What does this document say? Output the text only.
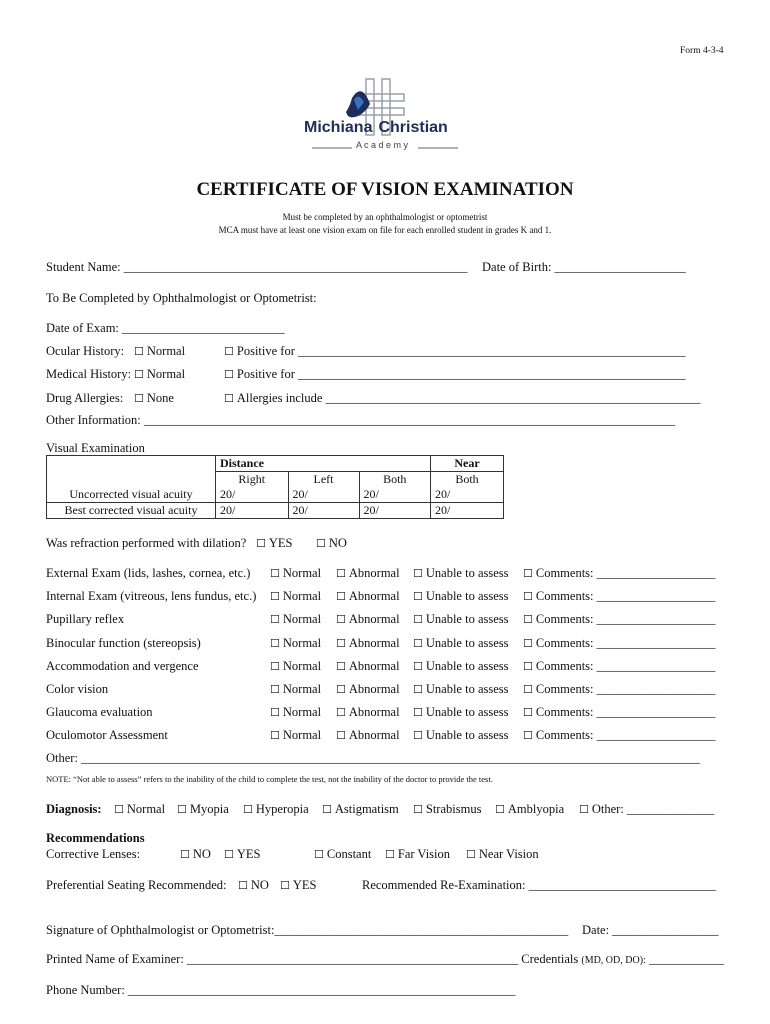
Form 4-3-4
Michiana Christian
A c a d e m y
CERTIFICATE OF VISION EXAMINATION
Must be completed by an ophthalmologist or optometrist
MCA must have at least one vision exam on file for each enrolled student in grades K and 1.
Student Name: _______________________________________________________ Date of Birth: _____________________
To Be Completed by Ophthalmologist or Optometrist:
Date of Exam: __________________________
Ocular History:	☐ Normal	☐ Positive for ______________________________________________________________
Medical History:	☐ Normal	☐ Positive for ______________________________________________________________
Drug Allergies:	☐ None	☐ Allergies include ____________________________________________________________
Other Information: _____________________________________________________________________________________
Visual Examination
	Distance			Near
	Right	Left	Both	Both
Uncorrected visual acuity	20/	20/	20/	20/
Best corrected visual acuity	20/	20/	20/	20/
Was refraction performed with dilation?	☐ YES	☐ NO
External Exam (lids, lashes, cornea, etc.)	☐ Normal	☐ Abnormal	☐ Unable to assess	☐ Comments: ___________________
Internal Exam (vitreous, lens fundus, etc.)	☐ Normal	☐ Abnormal	☐ Unable to assess	☐ Comments: ___________________
Pupillary reflex	☐ Normal	☐ Abnormal	☐ Unable to assess	☐ Comments: ___________________
Binocular function (stereopsis)	☐ Normal	☐ Abnormal	☐ Unable to assess	☐ Comments: ___________________
Accommodation and vergence	☐ Normal	☐ Abnormal	☐ Unable to assess	☐ Comments: ___________________
Color vision	☐ Normal	☐ Abnormal	☐ Unable to assess	☐ Comments: ___________________
Glaucoma evaluation	☐ Normal	☐ Abnormal	☐ Unable to assess	☐ Comments: ___________________
Oculomotor Assessment	☐ Normal	☐ Abnormal	☐ Unable to assess	☐ Comments: ___________________
Other: ___________________________________________________________________________________________________
NOTE: “Not able to assess” refers to the inability of the child to complete the test, not the inability of the doctor to provide the test.
Diagnosis:	☐ Normal	☐ Myopia	☐ Hyperopia	☐ Astigmatism	☐ Strabismus	☐ Amblyopia	☐ Other: ______________
Recommendations
Corrective Lenses:	☐ NO	☐ YES	☐ Constant	☐ Far Vision	☐ Near Vision
Preferential Seating Recommended:	☐ NO	☐ YES	Recommended Re-Examination: ______________________________
Signature of Ophthalmologist or Optometrist:_______________________________________________ Date: _________________
Printed Name of Examiner: _____________________________________________________ Credentials (MD, OD, DO): ____________
Phone Number: ______________________________________________________________
